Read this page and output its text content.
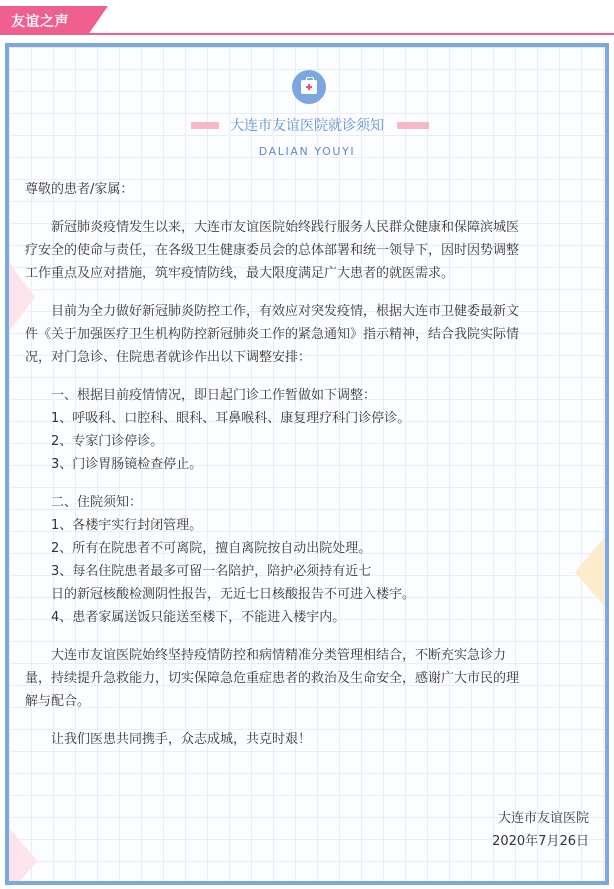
友谊之声
大连市友谊医院就诊须知
DALIAN YOUYI
尊敬的患者/家属：
新冠肺炎疫情发生以来，大连市友谊医院始终践行服务人民群众健康和保障滨城医
疗安全的使命与责任，在各级卫生健康委员会的总体部署和统一领导下，因时因势调整
工作重点及应对措施，筑牢疫情防线，最大限度满足广大患者的就医需求。
目前为全力做好新冠肺炎防控工作，有效应对突发疫情，根据大连市卫健委最新文
件《关于加强医疗卫生机构防控新冠肺炎工作的紧急通知》指示精神，结合我院实际情
况，对门急诊、住院患者就诊作出以下调整安排：
一、根据目前疫情情况，即日起门诊工作暂做如下调整：
1、呼吸科、口腔科、眼科、耳鼻喉科、康复理疗科门诊停诊。
2、专家门诊停诊。
3、门诊胃肠镜检查停止。
二、住院须知：
1、各楼宇实行封闭管理。
2、所有在院患者不可离院，擅自离院按自动出院处理。
3、每名住院患者最多可留一名陪护，陪护必须持有近七
日的新冠核酸检测阴性报告，无近七日核酸报告不可进入楼宇。
4、患者家属送饭只能送至楼下，不能进入楼宇内。
大连市友谊医院始终坚持疫情防控和病情精准分类管理相结合，不断充实急诊力
量，持续提升急救能力，切实保障急危重症患者的救治及生命安全，感谢广大市民的理
解与配合。
让我们医患共同携手，众志成城，共克时艰！
大连市友谊医院
2020年7月26日
